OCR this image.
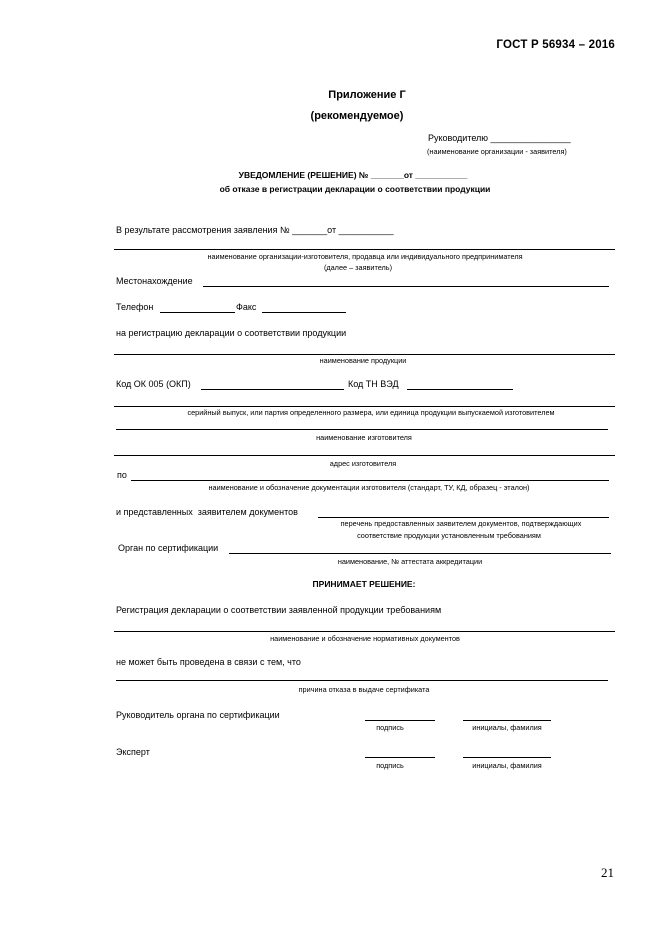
ГОСТ Р 56934 – 2016
Приложение Г
(рекомендуемое)
Руководителю ________________
(наименование организации - заявителя)
УВЕДОМЛЕНИЕ (РЕШЕНИЕ) № _______от ___________
об отказе в регистрации декларации о соответствии продукции
В результате рассмотрения заявления № _______от ___________
наименование организации-изготовителя, продавца или индивидуального предпринимателя
(далее – заявитель)
Местонахождение
Телефон	Факс
на регистрацию декларации о соответствии продукции
наименование продукции
Код ОК 005 (ОКП)	Код ТН ВЭД
серийный выпуск, или партия определенного размера, или единица продукции выпускаемой изготовителем
наименование изготовителя
адрес изготовителя
по
наименование и обозначение документации изготовителя (стандарт, ТУ, КД, образец - эталон)
и представленных  заявителем документов
перечень предоставленных заявителем документов, подтверждающих
соответствие продукции установленным требованиям
Орган по сертификации
наименование, № аттестата аккредитации
ПРИНИМАЕТ РЕШЕНИЕ:
Регистрация декларации о соответствии заявленной продукции требованиям
наименование и обозначение нормативных документов
не может быть проведена в связи с тем, что
причина отказа в выдаче сертификата
Руководитель органа по сертификации
подпись	инициалы, фамилия
Эксперт
подпись	инициалы, фамилия
21
